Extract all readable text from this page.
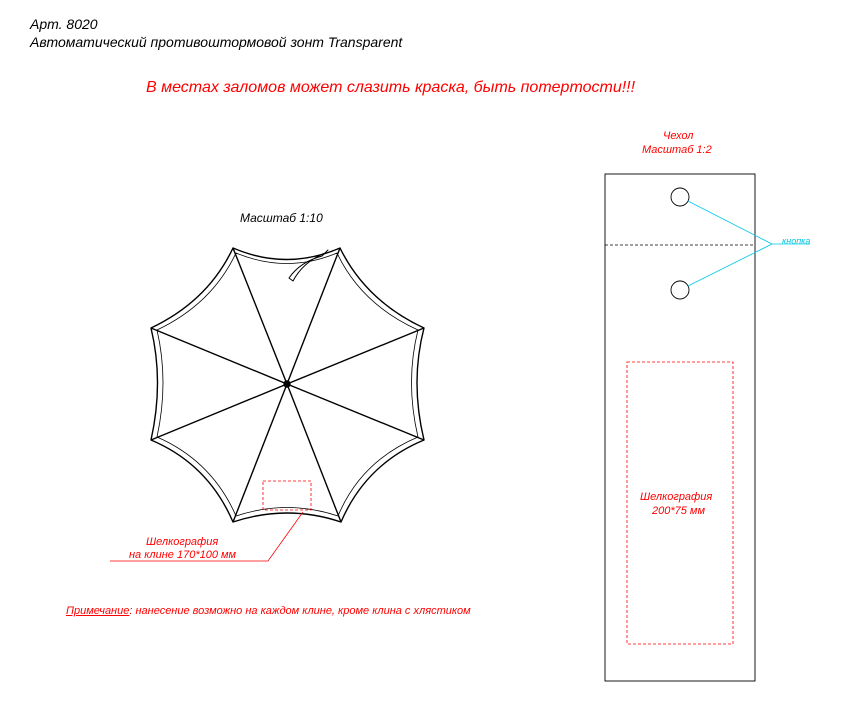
Арт. 8020
Автоматический противоштормовой зонт Transparent
В местах заломов может слазить краска, быть потертости!!!
Масштаб 1:10
Чехол
Масштаб 1:2
кнопка
Шелкография
на клине 170*100 мм
Шелкография
200*75 мм
Примечание: нанесение возможно на каждом клине, кроме клина с хлястиком
